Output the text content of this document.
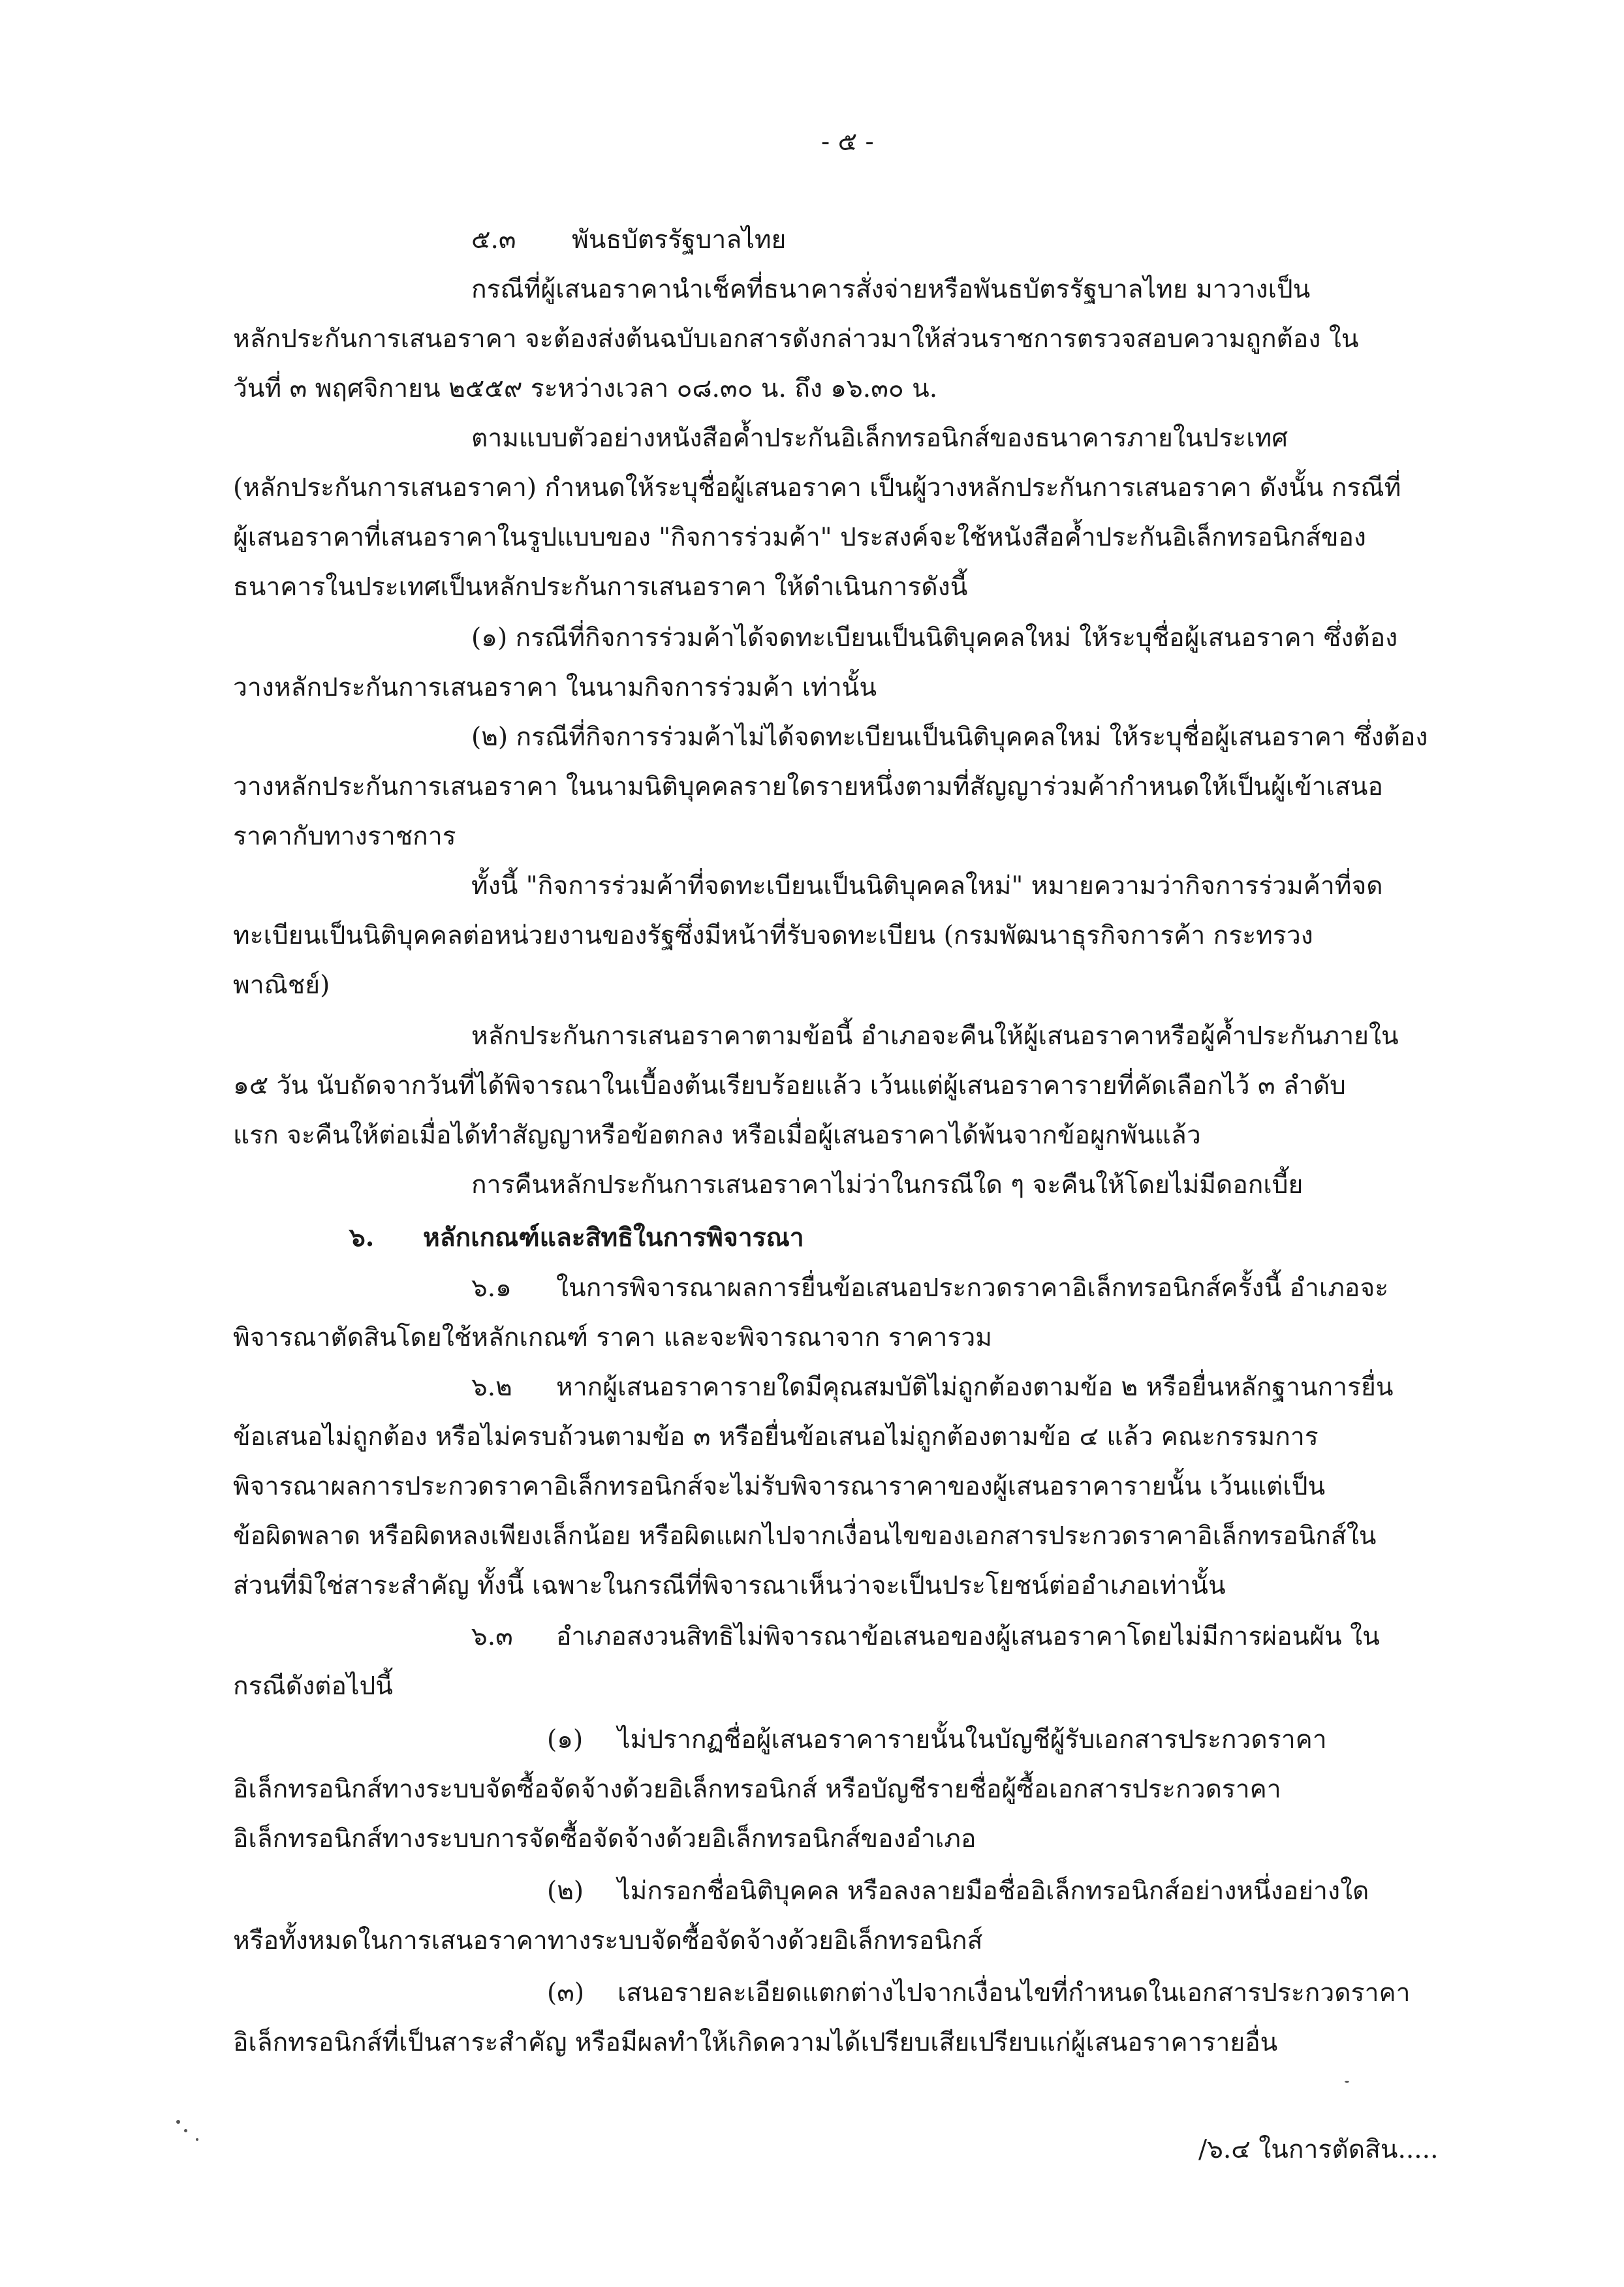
- ๕ -
๕.๓ พันธบัตรรัฐบาลไทย
กรณีที่ผู้เสนอราคานำเช็คที่ธนาคารสั่งจ่ายหรือพันธบัตรรัฐบาลไทย มาวางเป็น
หลักประกันการเสนอราคา จะต้องส่งต้นฉบับเอกสารดังกล่าวมาให้ส่วนราชการตรวจสอบความถูกต้อง ใน
วันที่ ๓ พฤศจิกายน ๒๕๕๙ ระหว่างเวลา ๐๘.๓๐ น. ถึง ๑๖.๓๐ น.
ตามแบบตัวอย่างหนังสือค้ำประกันอิเล็กทรอนิกส์ของธนาคารภายในประเทศ
(หลักประกันการเสนอราคา) กำหนดให้ระบุชื่อผู้เสนอราคา เป็นผู้วางหลักประกันการเสนอราคา ดังนั้น กรณีที่
ผู้เสนอราคาที่เสนอราคาในรูปแบบของ "กิจการร่วมค้า" ประสงค์จะใช้หนังสือค้ำประกันอิเล็กทรอนิกส์ของ
ธนาคารในประเทศเป็นหลักประกันการเสนอราคา ให้ดำเนินการดังนี้
(๑) กรณีที่กิจการร่วมค้าได้จดทะเบียนเป็นนิติบุคคลใหม่ ให้ระบุชื่อผู้เสนอราคา ซึ่งต้อง
วางหลักประกันการเสนอราคา ในนามกิจการร่วมค้า เท่านั้น
(๒) กรณีที่กิจการร่วมค้าไม่ได้จดทะเบียนเป็นนิติบุคคลใหม่ ให้ระบุชื่อผู้เสนอราคา ซึ่งต้อง
วางหลักประกันการเสนอราคา ในนามนิติบุคคลรายใดรายหนึ่งตามที่สัญญาร่วมค้ากำหนดให้เป็นผู้เข้าเสนอ
ราคากับทางราชการ
ทั้งนี้ "กิจการร่วมค้าที่จดทะเบียนเป็นนิติบุคคลใหม่" หมายความว่ากิจการร่วมค้าที่จด
ทะเบียนเป็นนิติบุคคลต่อหน่วยงานของรัฐซึ่งมีหน้าที่รับจดทะเบียน (กรมพัฒนาธุรกิจการค้า กระทรวง
พาณิชย์)
หลักประกันการเสนอราคาตามข้อนี้ อำเภอจะคืนให้ผู้เสนอราคาหรือผู้ค้ำประกันภายใน
๑๕ วัน นับถัดจากวันที่ได้พิจารณาในเบื้องต้นเรียบร้อยแล้ว เว้นแต่ผู้เสนอราคารายที่คัดเลือกไว้ ๓ ลำดับ
แรก จะคืนให้ต่อเมื่อได้ทำสัญญาหรือข้อตกลง หรือเมื่อผู้เสนอราคาได้พ้นจากข้อผูกพันแล้ว
การคืนหลักประกันการเสนอราคาไม่ว่าในกรณีใด ๆ จะคืนให้โดยไม่มีดอกเบี้ย
๖. หลักเกณฑ์และสิทธิในการพิจารณา
๖.๑ ในการพิจารณาผลการยื่นข้อเสนอประกวดราคาอิเล็กทรอนิกส์ครั้งนี้ อำเภอจะ
พิจารณาตัดสินโดยใช้หลักเกณฑ์ ราคา และจะพิจารณาจาก ราคารวม
๖.๒ หากผู้เสนอราคารายใดมีคุณสมบัติไม่ถูกต้องตามข้อ ๒ หรือยื่นหลักฐานการยื่น
ข้อเสนอไม่ถูกต้อง หรือไม่ครบถ้วนตามข้อ ๓ หรือยื่นข้อเสนอไม่ถูกต้องตามข้อ ๔ แล้ว คณะกรรมการ
พิจารณาผลการประกวดราคาอิเล็กทรอนิกส์จะไม่รับพิจารณาราคาของผู้เสนอราคารายนั้น เว้นแต่เป็น
ข้อผิดพลาด หรือผิดหลงเพียงเล็กน้อย หรือผิดแผกไปจากเงื่อนไขของเอกสารประกวดราคาอิเล็กทรอนิกส์ใน
ส่วนที่มิใช่สาระสำคัญ ทั้งนี้ เฉพาะในกรณีที่พิจารณาเห็นว่าจะเป็นประโยชน์ต่ออำเภอเท่านั้น
๖.๓ อำเภอสงวนสิทธิไม่พิจารณาข้อเสนอของผู้เสนอราคาโดยไม่มีการผ่อนผัน ใน
กรณีดังต่อไปนี้
(๑) ไม่ปรากฏชื่อผู้เสนอราคารายนั้นในบัญชีผู้รับเอกสารประกวดราคา
อิเล็กทรอนิกส์ทางระบบจัดซื้อจัดจ้างด้วยอิเล็กทรอนิกส์ หรือบัญชีรายชื่อผู้ซื้อเอกสารประกวดราคา
อิเล็กทรอนิกส์ทางระบบการจัดซื้อจัดจ้างด้วยอิเล็กทรอนิกส์ของอำเภอ
(๒) ไม่กรอกชื่อนิติบุคคล หรือลงลายมือชื่ออิเล็กทรอนิกส์อย่างหนึ่งอย่างใด
หรือทั้งหมดในการเสนอราคาทางระบบจัดซื้อจัดจ้างด้วยอิเล็กทรอนิกส์
(๓) เสนอรายละเอียดแตกต่างไปจากเงื่อนไขที่กำหนดในเอกสารประกวดราคา
อิเล็กทรอนิกส์ที่เป็นสาระสำคัญ หรือมีผลทำให้เกิดความได้เปรียบเสียเปรียบแก่ผู้เสนอราคารายอื่น
/๖.๔ ในการตัดสิน.....
